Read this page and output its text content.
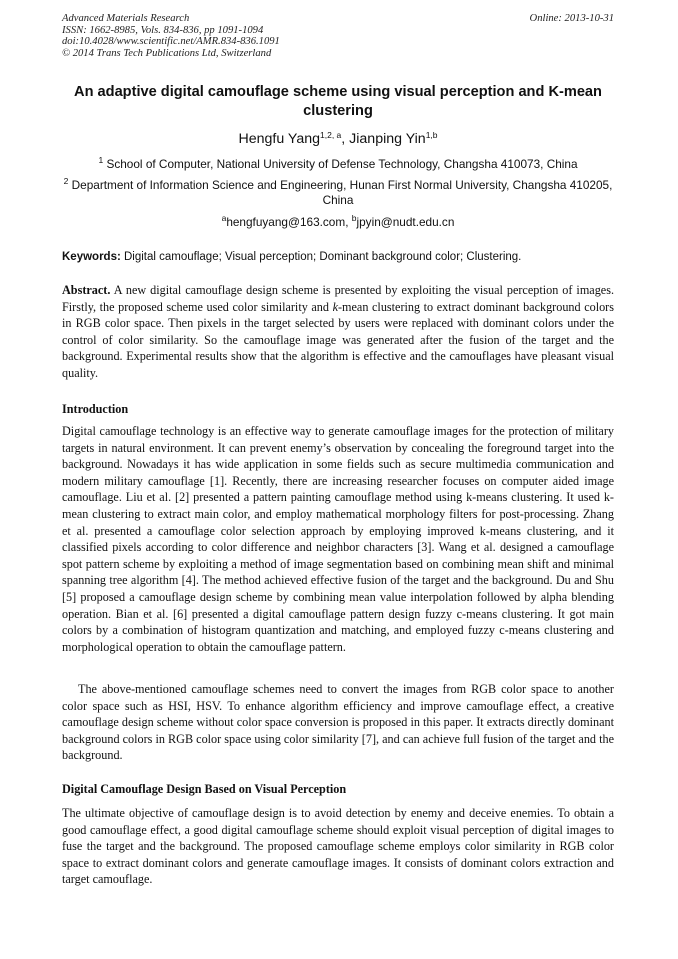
Advanced Materials Research
ISSN: 1662-8985, Vols. 834-836, pp 1091-1094
doi:10.4028/www.scientific.net/AMR.834-836.1091
© 2014 Trans Tech Publications Ltd, Switzerland
Online: 2013-10-31
An adaptive digital camouflage scheme using visual perception and K-mean clustering
Hengfu Yang$^{1,2, a}$, Jianping Yin$^{1,b}$
$^1$ School of Computer, National University of Defense Technology, Changsha 410073, China
$^2$ Department of Information Science and Engineering, Hunan First Normal University, Changsha 410205, China
$^a$hengfuyang@163.com, $^b$jpyin@nudt.edu.cn
Keywords: Digital camouflage; Visual perception; Dominant background color; Clustering.
Abstract. A new digital camouflage design scheme is presented by exploiting the visual perception of images. Firstly, the proposed scheme used color similarity and k-mean clustering to extract dominant background colors in RGB color space. Then pixels in the target selected by users were replaced with dominant colors under the control of color similarity. So the camouflage image was generated after the fusion of the target and the background. Experimental results show that the algorithm is effective and the camouflages have pleasant visual quality.
Introduction
Digital camouflage technology is an effective way to generate camouflage images for the protection of military targets in natural environment. It can prevent enemy’s observation by concealing the foreground target into the background. Nowadays it has wide application in some fields such as secure multimedia communication and modern military camouflage [1]. Recently, there are increasing researcher focuses on computer aided image camouflage. Liu et al. [2] presented a pattern painting camouflage method using k-means clustering. It used k-mean clustering to extract main color, and employ mathematical morphology filters for post-processing. Zhang et al. presented a camouflage color selection approach by employing improved k-means clustering, and it classified pixels according to color difference and neighbor characters [3]. Wang et al. designed a camouflage spot pattern scheme by exploiting a method of image segmentation based on combining mean shift and minimal spanning tree algorithm [4]. The method achieved effective fusion of the target and the background. Du and Shu [5] proposed a camouflage design scheme by combining mean value interpolation followed by alpha blending operation. Bian et al. [6] presented a digital camouflage pattern design fuzzy c-means clustering. It got main colors by a combination of histogram quantization and matching, and employed fuzzy c-means clustering and morphological operation to obtain the camouflage pattern.
The above-mentioned camouflage schemes need to convert the images from RGB color space to another color space such as HSI, HSV. To enhance algorithm efficiency and improve camouflage effect, a creative camouflage design scheme without color space conversion is proposed in this paper. It extracts directly dominant background colors in RGB color space using color similarity [7], and can achieve full fusion of the target and the background.
Digital Camouflage Design Based on Visual Perception
The ultimate objective of camouflage design is to avoid detection by enemy and deceive enemies. To obtain a good camouflage effect, a good digital camouflage scheme should exploit visual perception of digital images to fuse the target and the background. The proposed camouflage scheme employs color similarity in RGB color space to extract dominant colors and generate camouflage images. It consists of dominant colors extraction and target camouflage.
